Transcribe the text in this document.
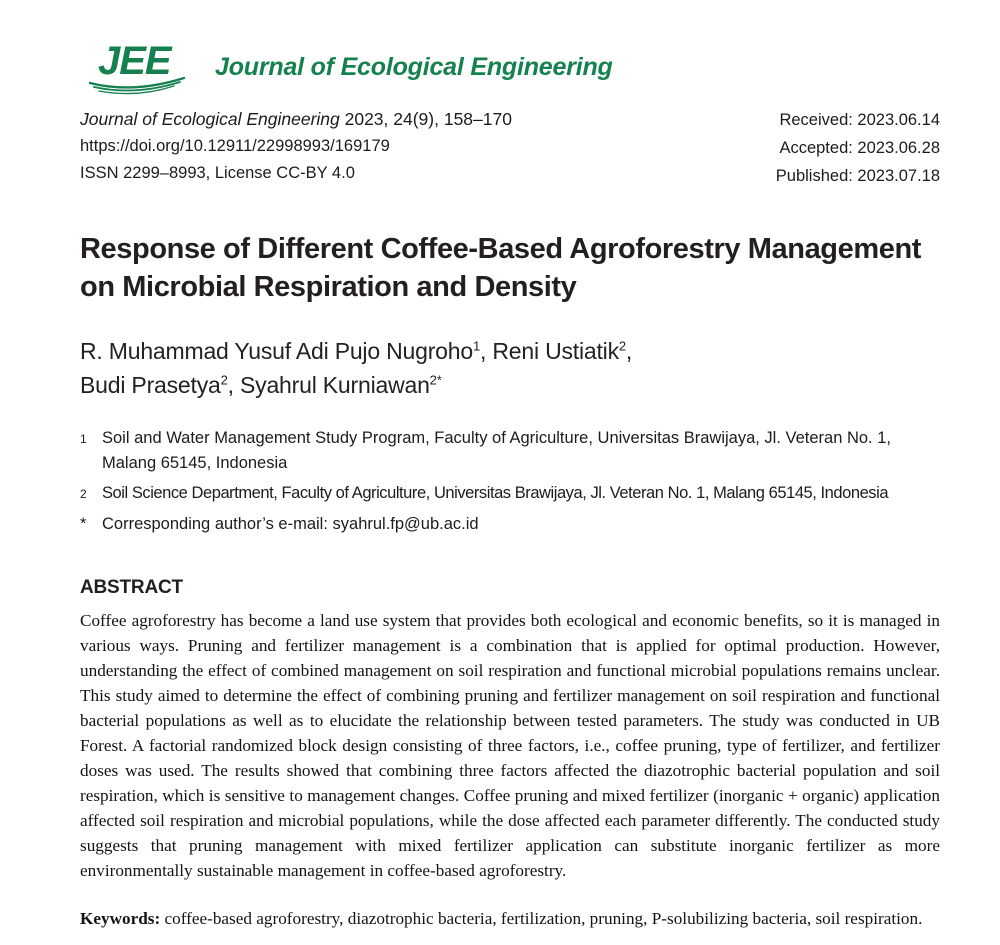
JEE	Journal of Ecological Engineering
Journal of Ecological Engineering 2023, 24(9), 158–170
https://doi.org/10.12911/22998993/169179
ISSN 2299–8993, License CC-BY 4.0
Received: 2023.06.14
Accepted: 2023.06.28
Published: 2023.07.18
Response of Different Coffee-Based Agroforestry Management
on Microbial Respiration and Density
R. Muhammad Yusuf Adi Pujo Nugroho$^1$, Reni Ustiatik$^2$,
Budi Prasetya$^2$, Syahrul Kurniawan$^{2*}$
1 Soil and Water Management Study Program, Faculty of Agriculture, Universitas Brawijaya, Jl. Veteran No. 1, Malang 65145, Indonesia
2 Soil Science Department, Faculty of Agriculture, Universitas Brawijaya, Jl. Veteran No. 1, Malang 65145, Indonesia
* Corresponding author’s e-mail: syahrul.fp@ub.ac.id
ABSTRACT
Coffee agroforestry has become a land use system that provides both ecological and economic benefits, so it is managed in various ways. Pruning and fertilizer management is a combination that is applied for optimal production. However, understanding the effect of combined management on soil respiration and functional microbial populations remains unclear. This study aimed to determine the effect of combining pruning and fertilizer management on soil respiration and functional bacterial populations as well as to elucidate the relationship between tested parameters. The study was conducted in UB Forest. A factorial randomized block design consisting of three factors, i.e., coffee pruning, type of fertilizer, and fertilizer doses was used. The results showed that combining three factors affected the diazotrophic bacterial population and soil respiration, which is sensitive to management changes. Coffee pruning and mixed fertilizer (inorganic + organic) application affected soil respiration and microbial populations, while the dose affected each parameter differently. The conducted study suggests that pruning management with mixed fertilizer application can substitute inorganic fertilizer as more environmentally sustainable management in coffee-based agroforestry.
Keywords: coffee-based agroforestry, diazotrophic bacteria, fertilization, pruning, P-solubilizing bacteria, soil respiration.
